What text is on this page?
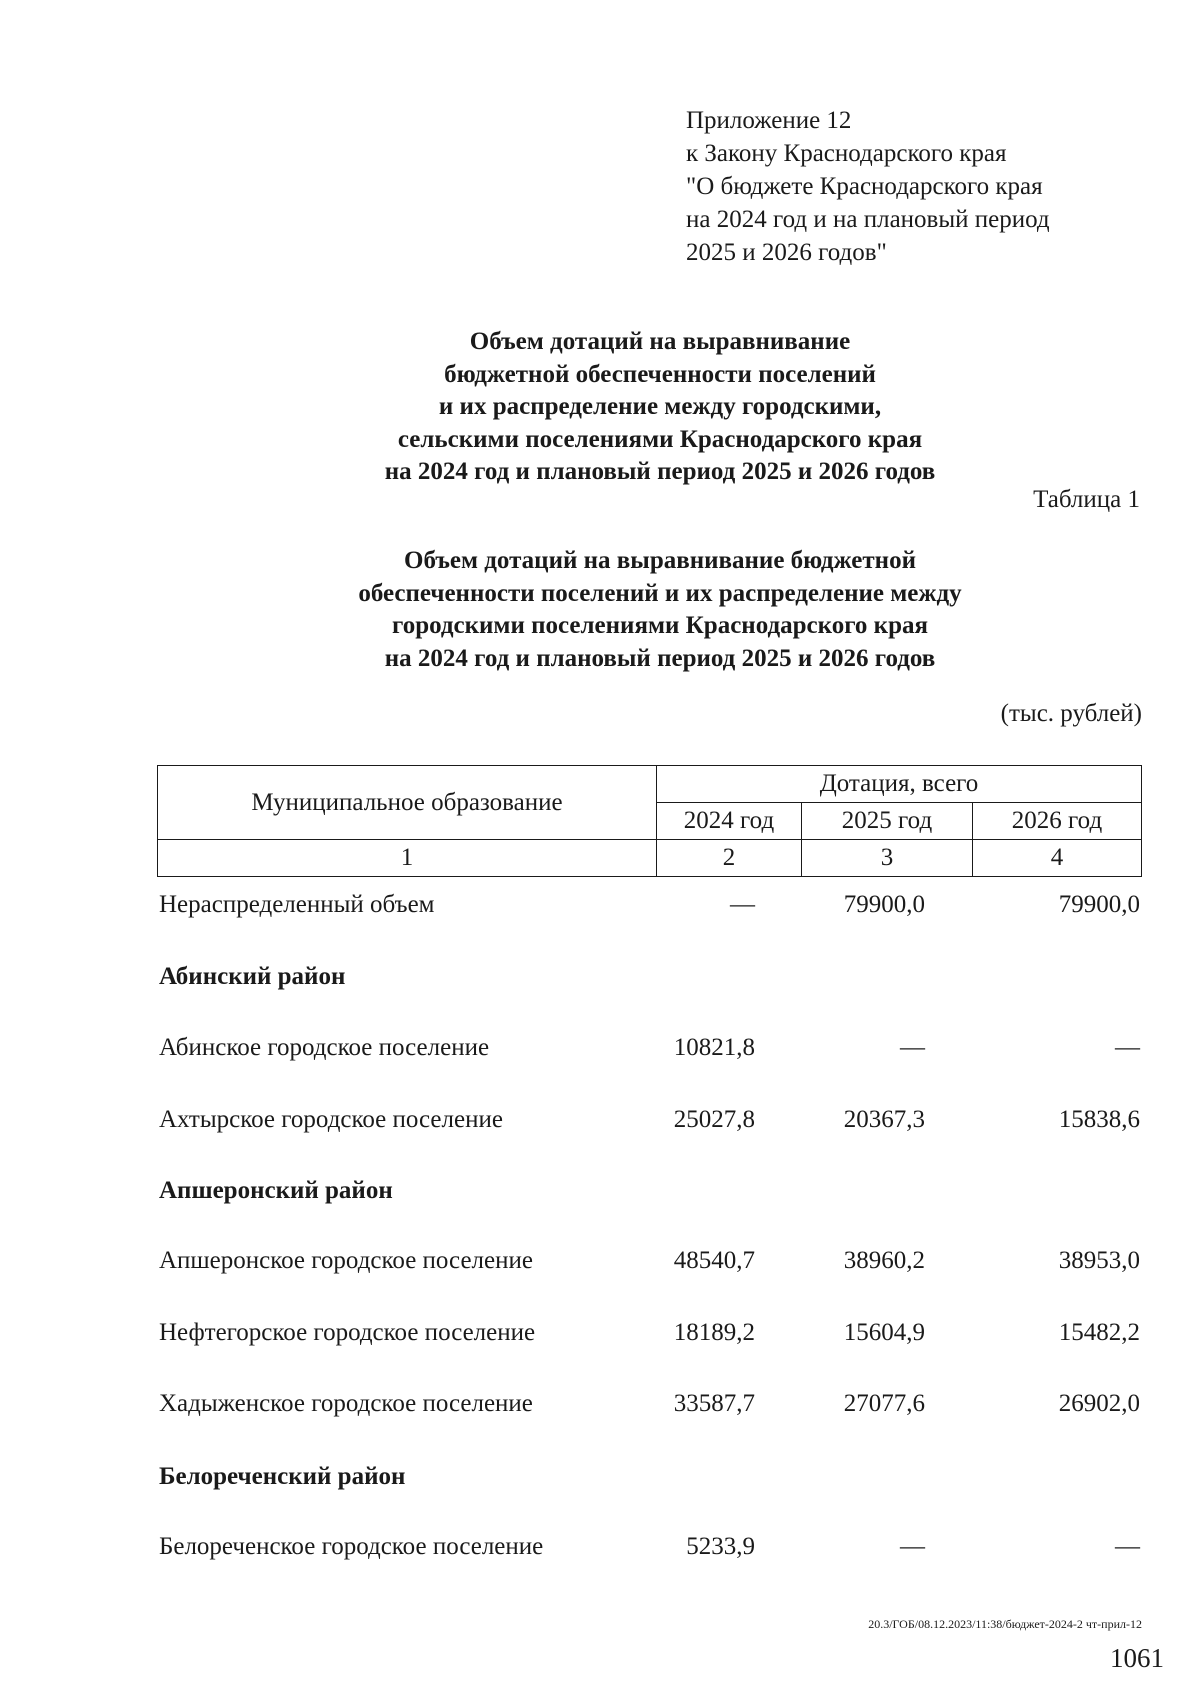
Приложение 12
к Закону Краснодарского края
"О бюджете Краснодарского края
на 2024 год и на плановый период
2025 и 2026 годов"
Объем дотаций на выравнивание
бюджетной обеспеченности поселений
и их распределение между городскими,
сельскими поселениями Краснодарского края
на 2024 год и плановый период 2025 и 2026 годов
Таблица 1
Объем дотаций на выравнивание бюджетной
обеспеченности поселений и их распределение между
городскими поселениями Краснодарского края
на 2024 год и плановый период 2025 и 2026 годов
(тыс. рублей)
Муниципальное образование	Дотация, всего		
	2024 год	2025 год	2026 год
1	2	3	4
Нераспределенный объем	—	79900,0	79900,0
Абинский район
Абинское городское поселение	10821,8	—	—
Ахтырское городское поселение	25027,8	20367,3	15838,6
Апшеронский район
Апшеронское городское поселение	48540,7	38960,2	38953,0
Нефтегорское городское поселение	18189,2	15604,9	15482,2
Хадыженское городское поселение	33587,7	27077,6	26902,0
Белореченский район
Белореченское городское поселение	5233,9	—	—
20.3/ГОБ/08.12.2023/11:38/бюджет-2024-2 чт-прил-12
1061
